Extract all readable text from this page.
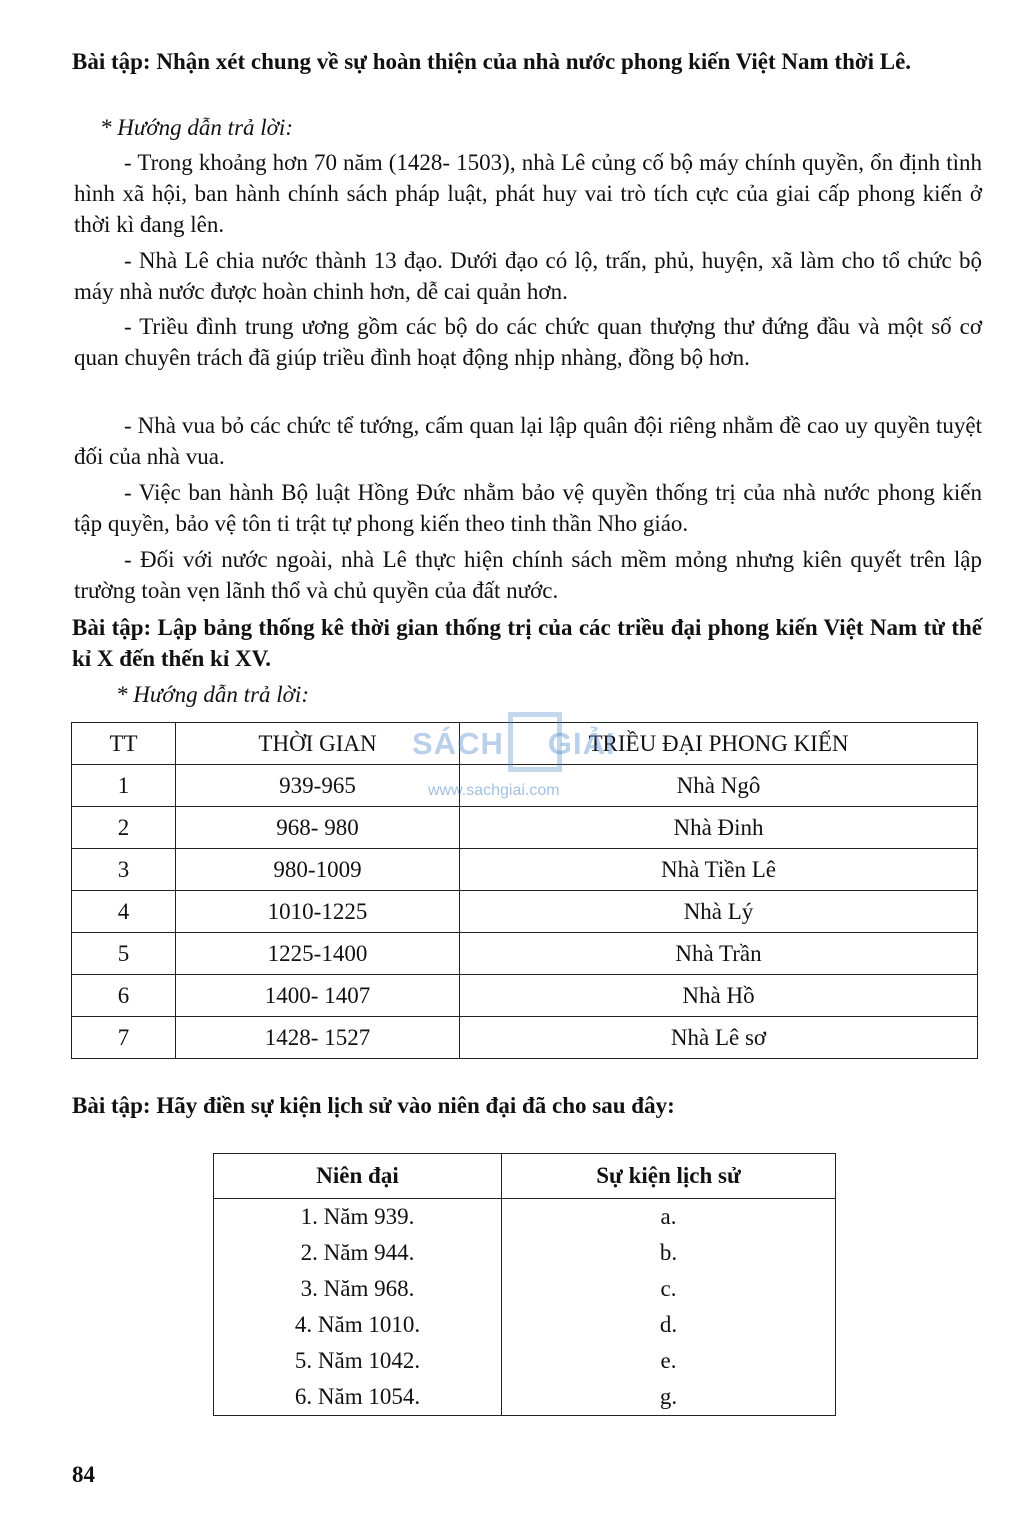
Bài tập: Nhận xét chung về sự hoàn thiện của nhà nước phong kiến Việt Nam thời Lê.
* Hướng dẫn trả lời:

- Trong khoảng hơn 70 năm (1428- 1503), nhà Lê củng cố bộ máy chính quyền, ổn định tình hình xã hội, ban hành chính sách pháp luật, phát huy vai trò tích cực của giai cấp phong kiến ở thời kì đang lên.

- Nhà Lê chia nước thành 13 đạo. Dưới đạo có lộ, trấn, phủ, huyện, xã làm cho tổ chức bộ máy nhà nước được hoàn chinh hơn, dễ cai quản hơn.

- Triều đình trung ương gồm các bộ do các chức quan thượng thư đứng đầu và một số cơ quan chuyên trách đã giúp triều đình hoạt động nhịp nhàng, đồng bộ hơn.

- Nhà vua bỏ các chức tể tướng, cấm quan lại lập quân đội riêng nhằm đề cao uy quyền tuyệt đối của nhà vua.

- Việc ban hành Bộ luật Hồng Đức nhằm bảo vệ quyền thống trị của nhà nước phong kiến tập quyền, bảo vệ tôn ti trật tự phong kiến theo tinh thần Nho giáo.

- Đối với nước ngoài, nhà Lê thực hiện chính sách mềm mỏng nhưng kiên quyết trên lập trường toàn vẹn lãnh thổ và chủ quyền của đất nước.

Bài tập: Lập bảng thống kê thời gian thống trị của các triều đại phong kiến Việt Nam từ thế kỉ X đến thến kỉ XV.
* Hướng dẫn trả lời:
TT	THỜI GIAN	TRIỀU ĐẠI PHONG KIẾN
1	939-965	Nhà Ngô
2	968- 980	Nhà Đinh
3	980-1009	Nhà Tiền Lê
4	1010-1225	Nhà Lý
5	1225-1400	Nhà Trần
6	1400- 1407	Nhà Hồ
7	1428- 1527	Nhà Lê sơ
SÁCH GIẢI
www.sachgiai.com
Bài tập: Hãy điền sự kiện lịch sử vào niên đại đã cho sau đây:
Niên đại	Sự kiện lịch sử
1. Năm 939.	a.
2. Năm 944.	b.
3. Năm 968.	c.
4. Năm 1010.	d.
5. Năm 1042.	e.
6. Năm 1054.	g.
84
